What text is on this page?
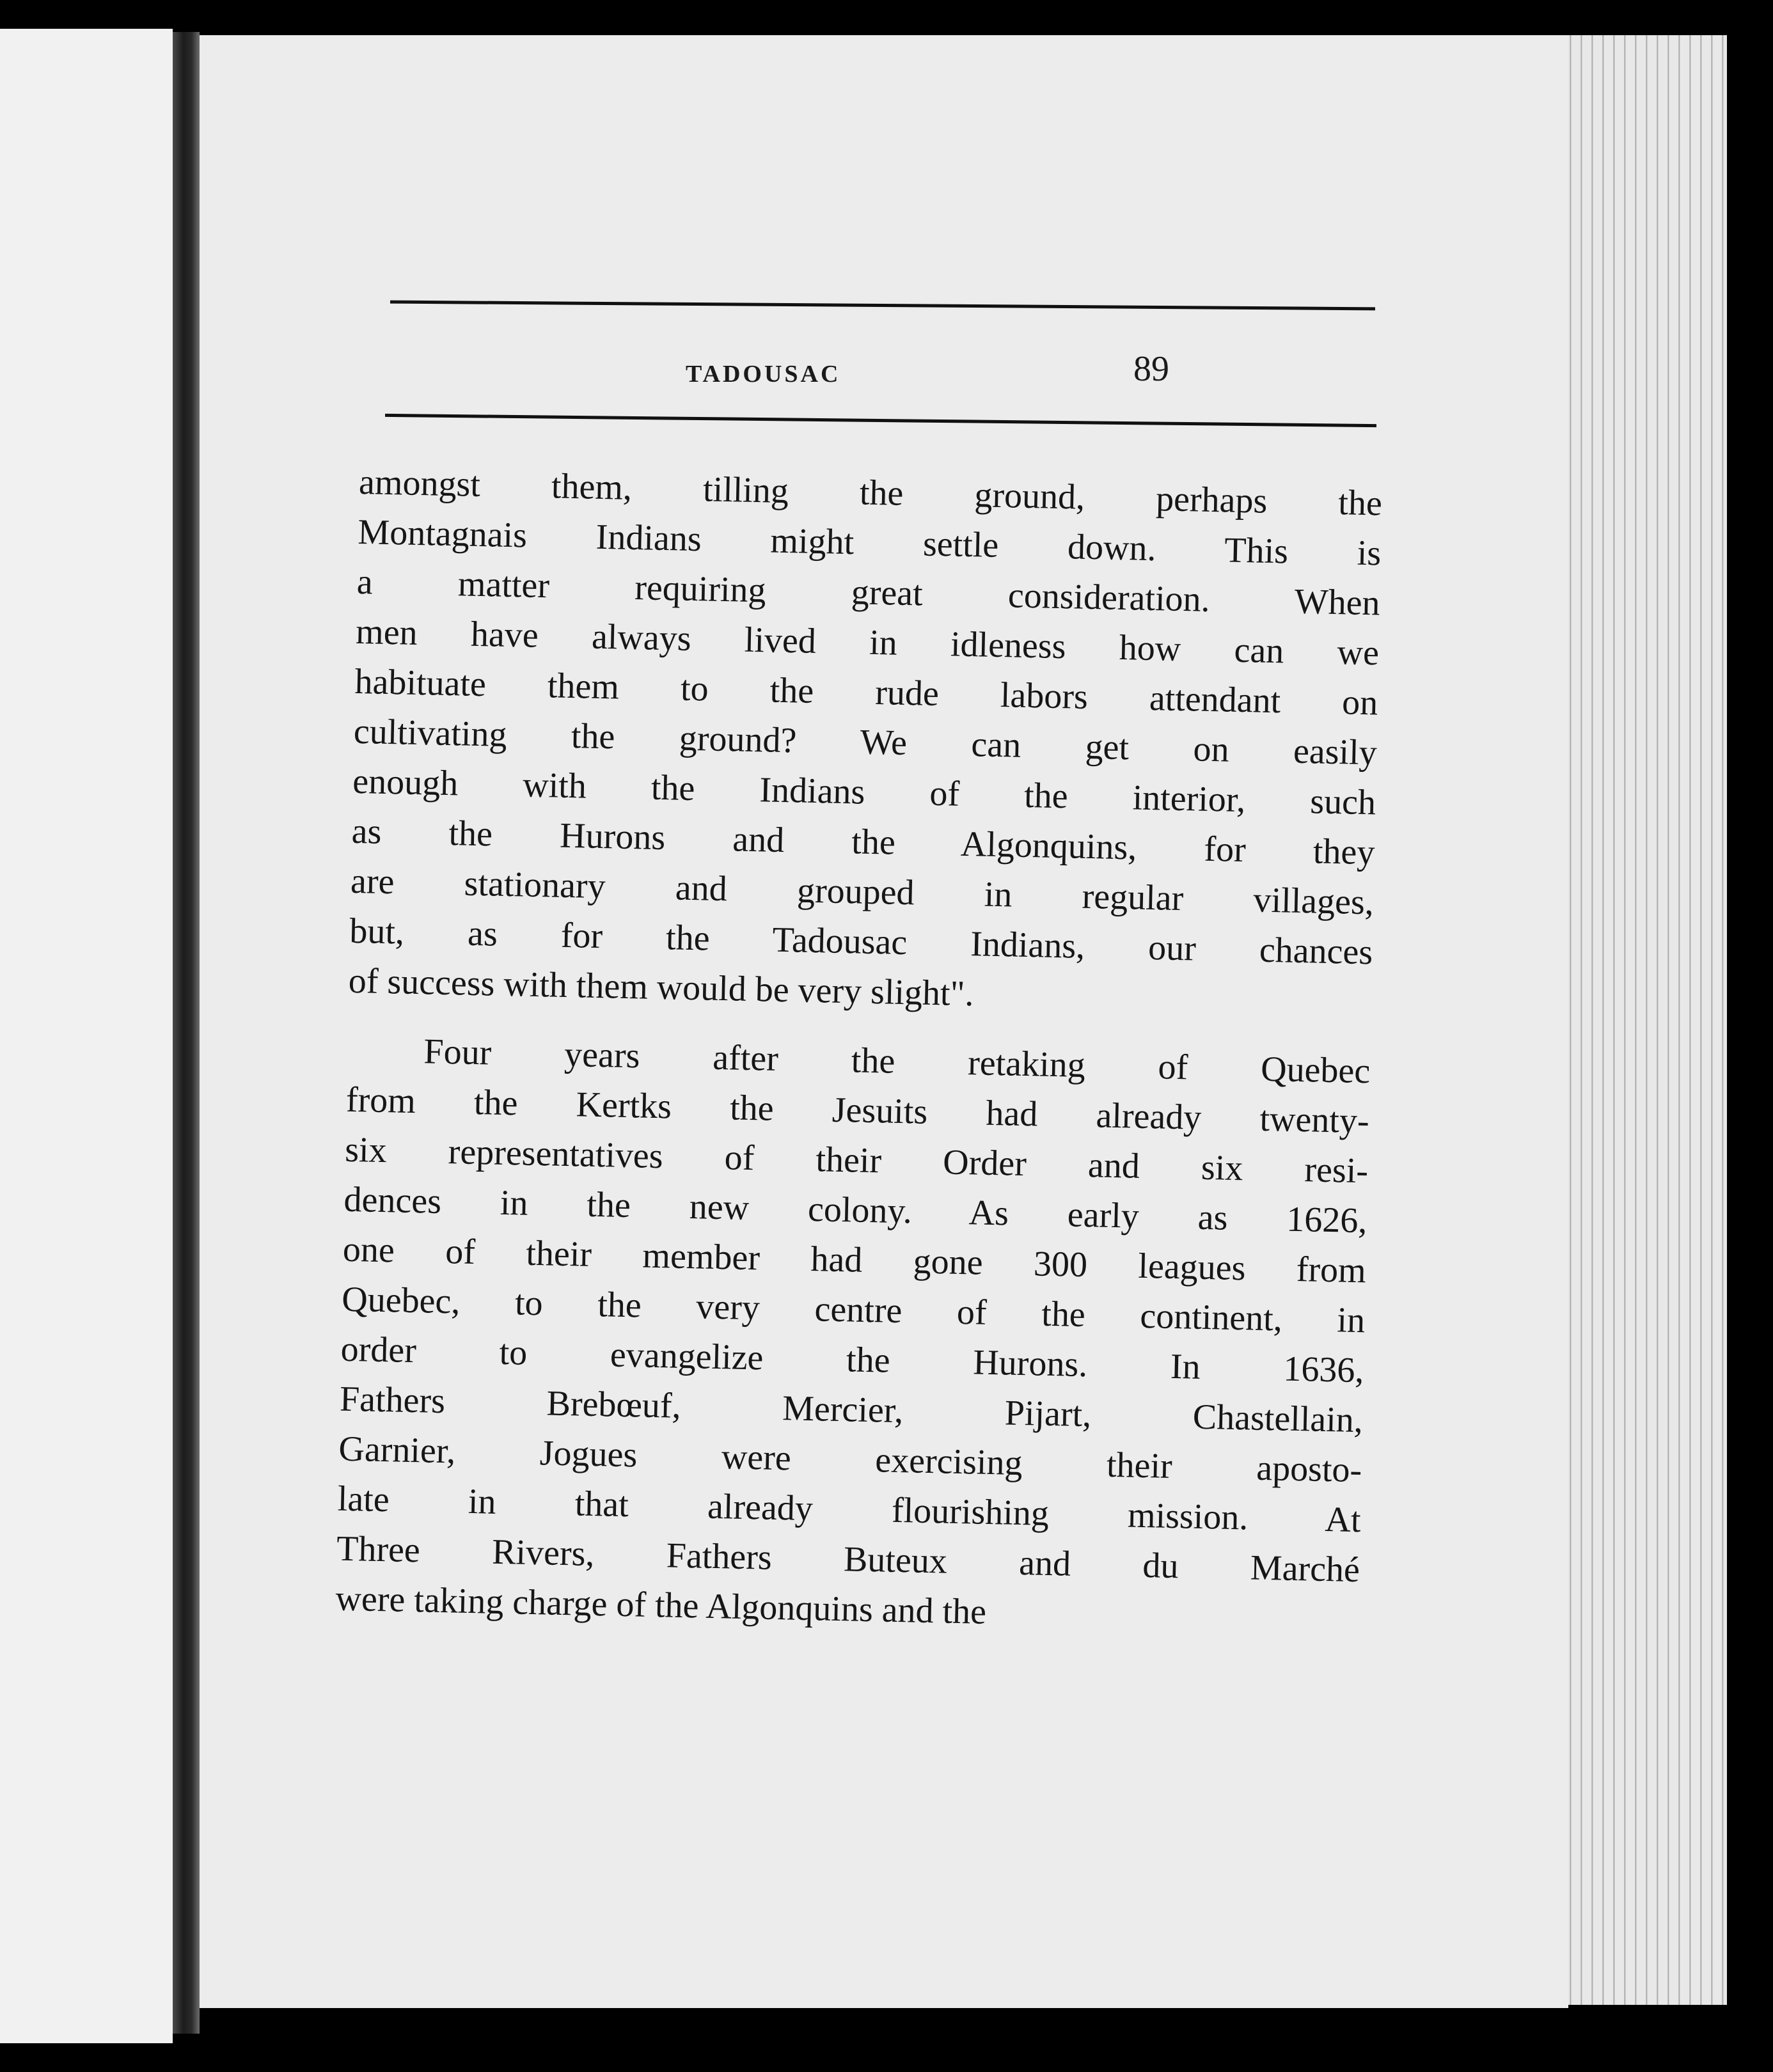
TADOUSAC	89
amongst them, tilling the ground, perhaps the
Montagnais Indians might settle down. This is
a matter requiring great consideration. When
men have always lived in idleness how can we
habituate them to the rude labors attendant on
cultivating the ground? We can get on easily
enough with the Indians of the interior, such
as the Hurons and the Algonquins, for they
are stationary and grouped in regular villages,
but, as for the Tadousac Indians, our chances
of success with them would be very slight".
Four years after the retaking of Quebec
from the Kertks the Jesuits had already twenty-
six representatives of their Order and six resi-
dences in the new colony. As early as 1626,
one of their member had gone 300 leagues from
Quebec, to the very centre of the continent, in
order to evangelize the Hurons. In 1636,
Fathers Brebœuf, Mercier, Pijart, Chastellain,
Garnier, Jogues were exercising their aposto-
late in that already flourishing mission. At
Three Rivers, Fathers Buteux and du Marché
were taking charge of the Algonquins and the
